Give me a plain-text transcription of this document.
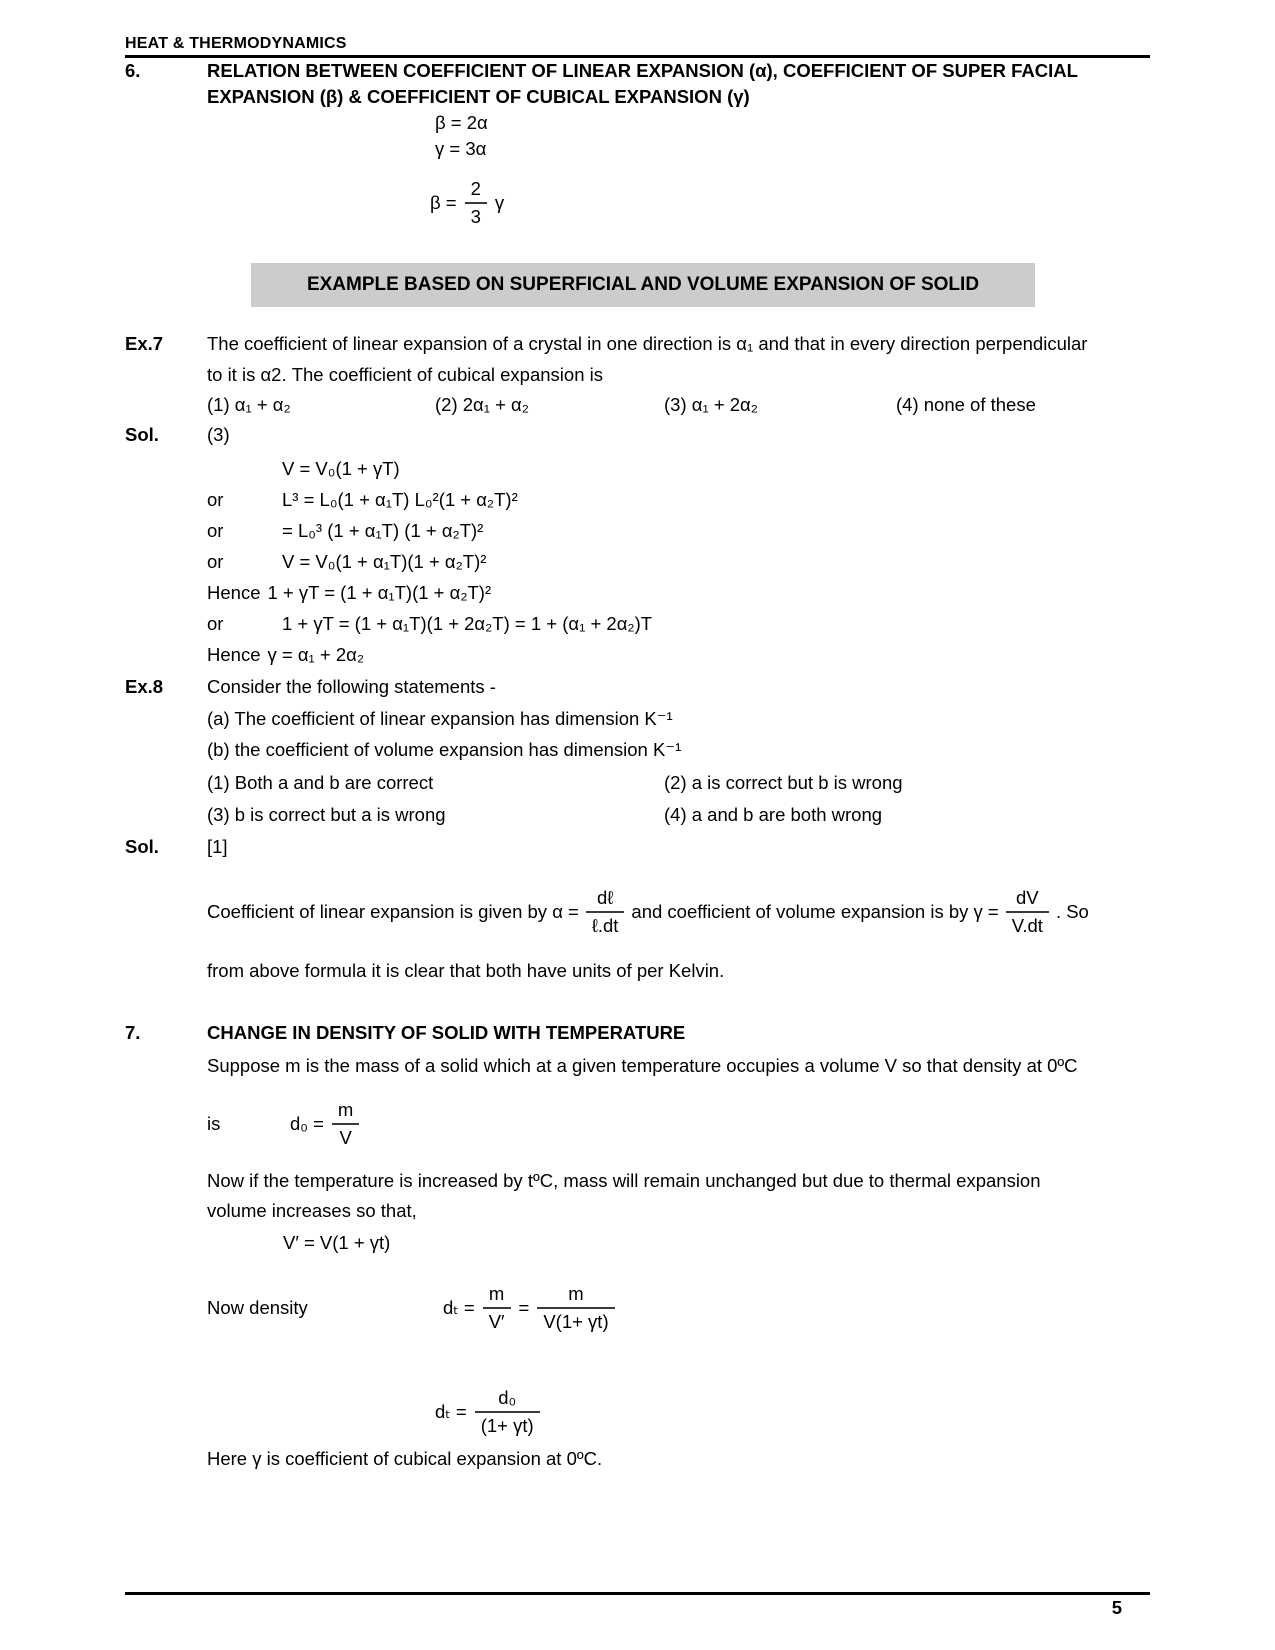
HEAT & THERMODYNAMICS
6.	RELATION BETWEEN COEFFICIENT OF LINEAR EXPANSION (α), COEFFICIENT OF SUPER FACIAL EXPANSION (β) & COEFFICIENT OF CUBICAL EXPANSION (γ)
β = 2α
γ = 3α
$\beta = \frac{2}{3}$ γ
EXAMPLE BASED ON SUPERFICIAL AND VOLUME EXPANSION OF SOLID
Ex.7	The coefficient of linear expansion of a crystal in one direction is α₁ and that in every direction perpendicular
to it is α2. The coefficient of cubical expansion is
(1) α₁ + α₂	(2) 2α₁ + α₂	(3) α₁ + 2α₂	(4) none of these
Sol.	(3)
V = V₀(1 + γT)
or	L³ = L₀(1 + α₁T) L₀²(1 + α₂T)²
or	= L₀³ (1 + α₁T) (1 + α₂T)²
or	V = V₀(1 + α₁T)(1 + α₂T)²
Hence 1 + γT = (1 + α₁T)(1 + α₂T)²
or	1 + γT = (1 + α₁T)(1 + 2α₂T) = 1 + (α₁ + 2α₂)T
Hence γ = α₁ + 2α₂
Ex.8	Consider the following statements -
(a) The coefficient of linear expansion has dimension K⁻¹
(b) the coefficient of volume expansion has dimension K⁻¹
(1) Both a and b are correct	(2) a is correct but b is wrong
(3) b is correct but a is wrong	(4) a and b are both wrong
Sol.	[1]
Coefficient of linear expansion is given by $\alpha = \frac{\text{dℓ}}{\text{ℓ.dt}}$ and coefficient of volume expansion is by $\gamma = \frac{dV}{V.dt}$ . So
from above formula it is clear that both have units of per Kelvin.
7.	CHANGE IN DENSITY OF SOLID WITH TEMPERATURE
Suppose m is the mass of a solid which at a given temperature occupies a volume V so that density at 0ºC
is	$d_0 = \frac{m}{V}$
Now if the temperature is increased by tºC, mass will remain unchanged but due to thermal expansion
volume increases so that,
V′ = V(1 + γt)
Now density	$d_t = \frac{m}{V'} = \frac{m}{V(1+ \gamma t)}$
$d_t = \frac{\text{d₀}}{(1+ \gamma t)}$
Here γ is coefficient of cubical expansion at 0ºC.
5
